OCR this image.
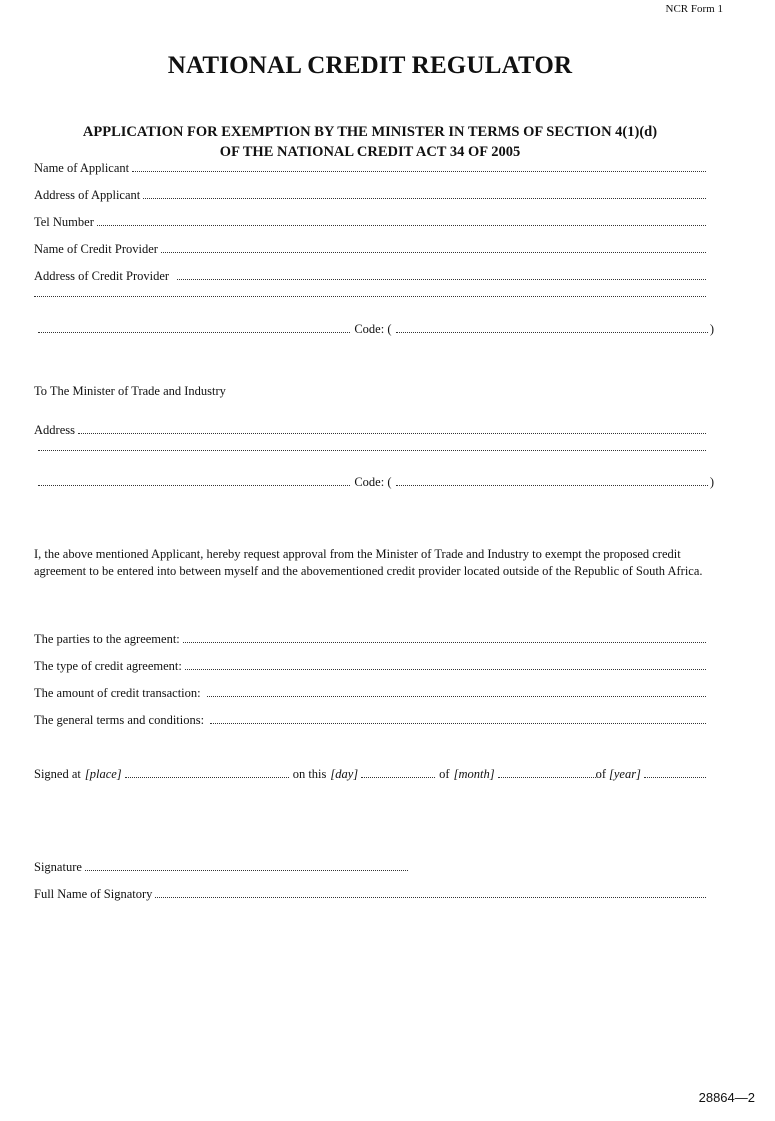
NCR Form 1
NATIONAL CREDIT REGULATOR
APPLICATION FOR EXEMPTION BY THE MINISTER IN TERMS OF SECTION 4(1)(d)
OF THE NATIONAL CREDIT ACT 34 OF 2005
Name of Applicant
Address of Applicant
Tel Number
Name of Credit Provider
Address of Credit Provider
Code: (	)
To The Minister of Trade and Industry
Address
Code: (	)
I, the above mentioned Applicant, hereby request approval from the Minister of Trade and Industry to exempt the proposed credit agreement to be entered into between myself and the abovementioned credit provider located outside of the Republic of South Africa.
The parties to the agreement:
The type of credit agreement:
The amount of credit transaction:
The general terms and conditions:
Signed at [place]	on this [day]	of [month]	of [year]
Signature
Full Name of Signatory
28864—2
